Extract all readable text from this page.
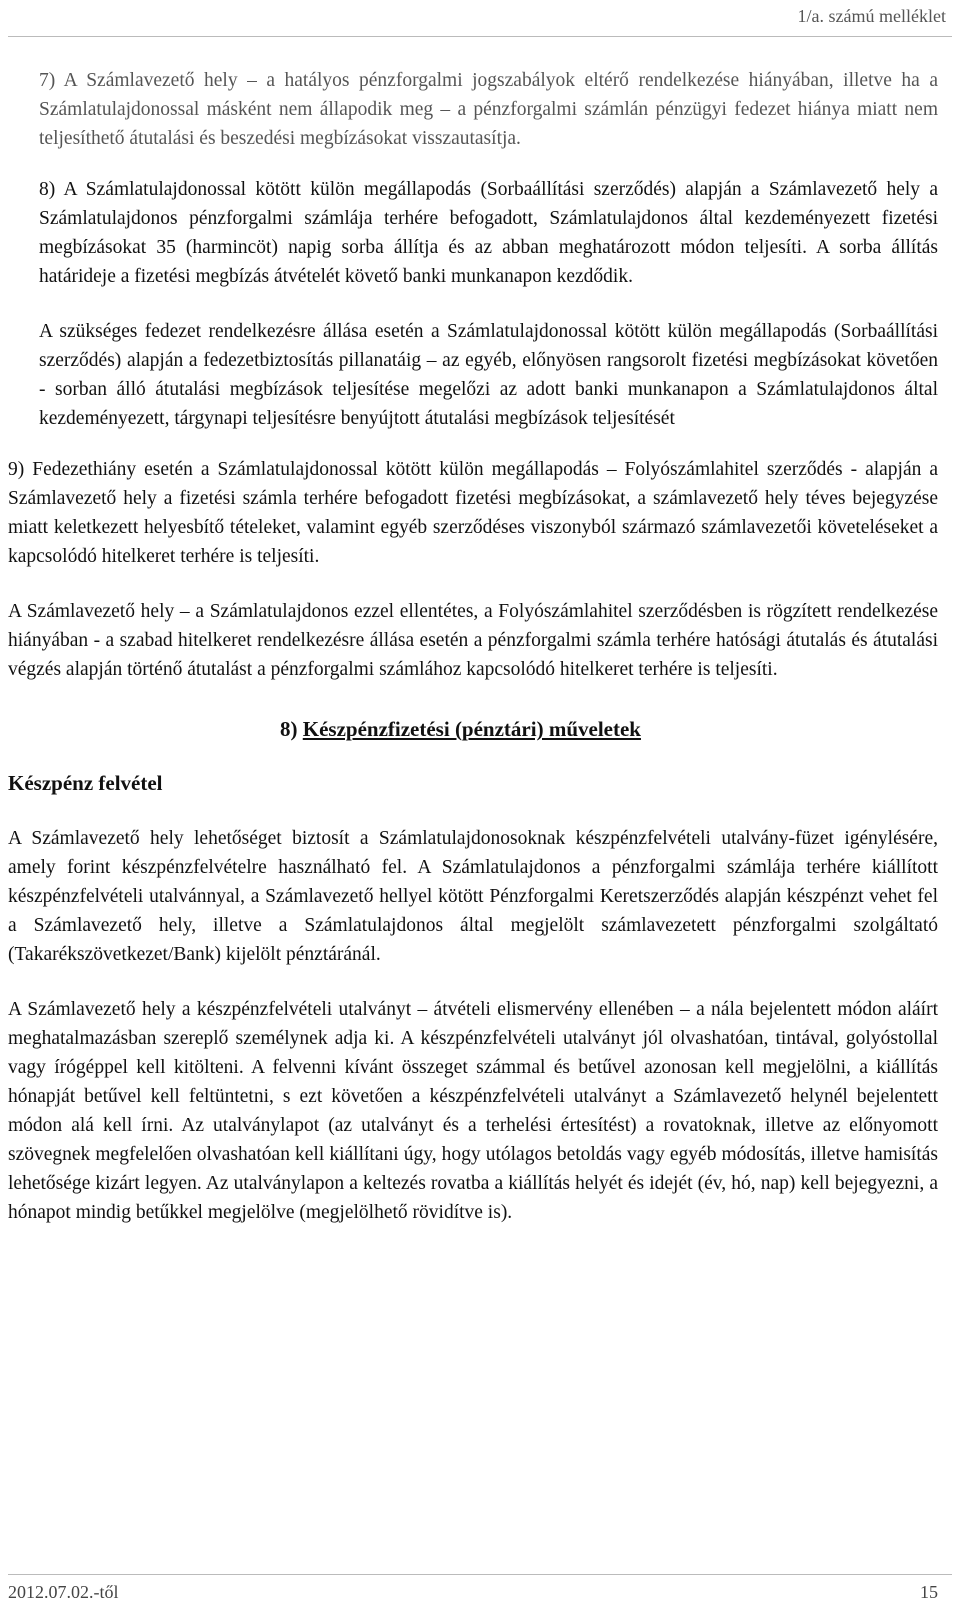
1/a. számú melléklet

7) A Számlavezető hely – a hatályos pénzforgalmi jogszabályok eltérő rendelkezése hiányában, illetve ha a Számlatulajdonossal másként nem állapodik meg – a pénzforgalmi számlán pénzügyi fedezet hiánya miatt nem teljesíthető átutalási és beszedési megbízásokat visszautasítja.

8) A Számlatulajdonossal kötött külön megállapodás (Sorbaállítási szerződés) alapján a Számlavezető hely a Számlatulajdonos pénzforgalmi számlája terhére befogadott, Számlatulajdonos által kezdeményezett fizetési megbízásokat 35 (harmincöt) napig sorba állítja és az abban meghatározott módon teljesíti. A sorba állítás határideje a fizetési megbízás átvételét követő banki munkanapon kezdődik.

A szükséges fedezet rendelkezésre állása esetén a Számlatulajdonossal kötött külön megállapodás (Sorbaállítási szerződés) alapján a fedezetbiztosítás pillanatáig – az egyéb, előnyösen rangsorolt fizetési megbízásokat követően - sorban álló átutalási megbízások teljesítése megelőzi az adott banki munkanapon a Számlatulajdonos által kezdeményezett, tárgynapi teljesítésre benyújtott átutalási megbízások teljesítését

9) Fedezethiány esetén a Számlatulajdonossal kötött külön megállapodás – Folyószámlahitel szerződés - alapján a Számlavezető hely a fizetési számla terhére befogadott fizetési megbízásokat, a számlavezető hely téves bejegyzése miatt keletkezett helyesbítő tételeket, valamint egyéb szerződéses viszonyból származó számlavezetői követeléseket a kapcsolódó hitelkeret terhére is teljesíti.

A Számlavezető hely – a Számlatulajdonos ezzel ellentétes, a Folyószámlahitel szerződésben is rögzített rendelkezése hiányában - a szabad hitelkeret rendelkezésre állása esetén a pénzforgalmi számla terhére hatósági átutalás és átutalási végzés alapján történő átutalást a pénzforgalmi számlához kapcsolódó hitelkeret terhére is teljesíti.

8) Készpénzfizetési (pénztári) műveletek
Készpénz felvétel

A Számlavezető hely lehetőséget biztosít a Számlatulajdonosoknak készpénzfelvételi utalvány-füzet igénylésére, amely forint készpénzfelvételre használható fel. A Számlatulajdonos a pénzforgalmi számlája terhére kiállított készpénzfelvételi utalvánnyal, a Számlavezető hellyel kötött Pénzforgalmi Keretszerződés alapján készpénzt vehet fel a Számlavezető hely, illetve a Számlatulajdonos által megjelölt számlavezetett pénzforgalmi szolgáltató (Takarékszövetkezet/Bank) kijelölt pénztáránál.

A Számlavezető hely a készpénzfelvételi utalványt – átvételi elismervény ellenében – a nála bejelentett módon aláírt meghatalmazásban szereplő személynek adja ki. A készpénzfelvételi utalványt jól olvashatóan, tintával, golyóstollal vagy írógéppel kell kitölteni. A felvenni kívánt összeget számmal és betűvel azonosan kell megjelölni, a kiállítás hónapját betűvel kell feltüntetni, s ezt követően a készpénzfelvételi utalványt a Számlavezető helynél bejelentett módon alá kell írni. Az utalványlapot (az utalványt és a terhelési értesítést) a rovatoknak, illetve az előnyomott szövegnek megfelelően olvashatóan kell kiállítani úgy, hogy utólagos betoldás vagy egyéb módosítás, illetve hamisítás lehetősége kizárt legyen. Az utalványlapon a keltezés rovatba a kiállítás helyét és idejét (év, hó, nap) kell bejegyezni, a hónapot mindig betűkkel megjelölve (megjelölhető rövidítve is).

2012.07.02.-től	15
